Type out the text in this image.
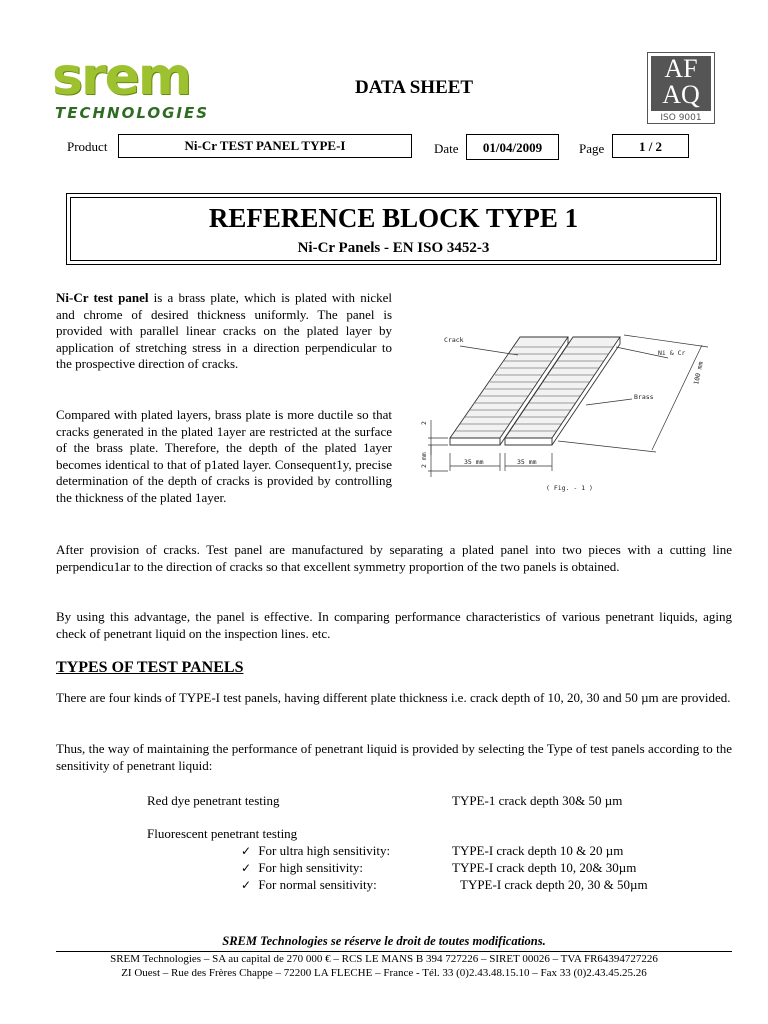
srem
TECHNOLOGIES
DATA SHEET
AF
AQ
ISO 9001
Product	Ni-Cr TEST PANEL TYPE-I	Date	01/04/2009	Page	1 / 2
REFERENCE BLOCK TYPE 1
Ni-Cr Panels - EN ISO 3452-3
Ni-Cr test panel is a brass plate, which is plated with nickel and chrome of desired thickness uniformly. The panel is provided with parallel linear cracks on the plated layer by application of stretching stress in a direction perpendicular to the prospective direction of cracks.
Compared with plated layers, brass plate is more ductile so that cracks generated in the plated 1ayer are restricted at the surface of the brass plate. Therefore, the depth of the plated 1ayer becomes identical to that of p1ated layer. Consequent1y, precise determination of the depth of cracks is provided by controlling the thickness of the plated 1ayer.
Crack
Ni & Cr
Brass
35 mm	35 mm
100 mm
2
2 mm
( Fig. - 1 )
After provision of cracks. Test panel are manufactured by separating a plated panel into two pieces with a cutting line perpendicu1ar to the direction of cracks so that excellent symmetry proportion of the two panels is obtained.
By using this advantage, the panel is effective. In comparing performance characteristics of various penetrant liquids, aging check of penetrant liquid on the inspection lines. etc.
TYPES OF TEST PANELS
There are four kinds of TYPE-I test panels, having different plate thickness i.e. crack depth of 10, 20, 30 and 50 µm are provided.
Thus, the way of maintaining the performance of penetrant liquid is provided by selecting the Type of test panels according to the sensitivity of penetrant liquid:
Red dye penetrant testing	TYPE-1 crack depth 30& 50 µm
Fluorescent penetrant testing
✓ For ultra high sensitivity:	TYPE-I crack depth 10 & 20 µm
✓ For high sensitivity:	TYPE-I crack depth 10, 20& 30µm
✓ For normal sensitivity:	TYPE-I crack depth 20, 30 & 50µm
SREM Technologies se réserve le droit de toutes modifications.
SREM Technologies – SA au capital de 270 000 € – RCS LE MANS B 394 727226 – SIRET 00026 – TVA FR64394727226
ZI Ouest – Rue des Frères Chappe – 72200 LA FLECHE – France - Tél. 33 (0)2.43.48.15.10 – Fax 33 (0)2.43.45.25.26
